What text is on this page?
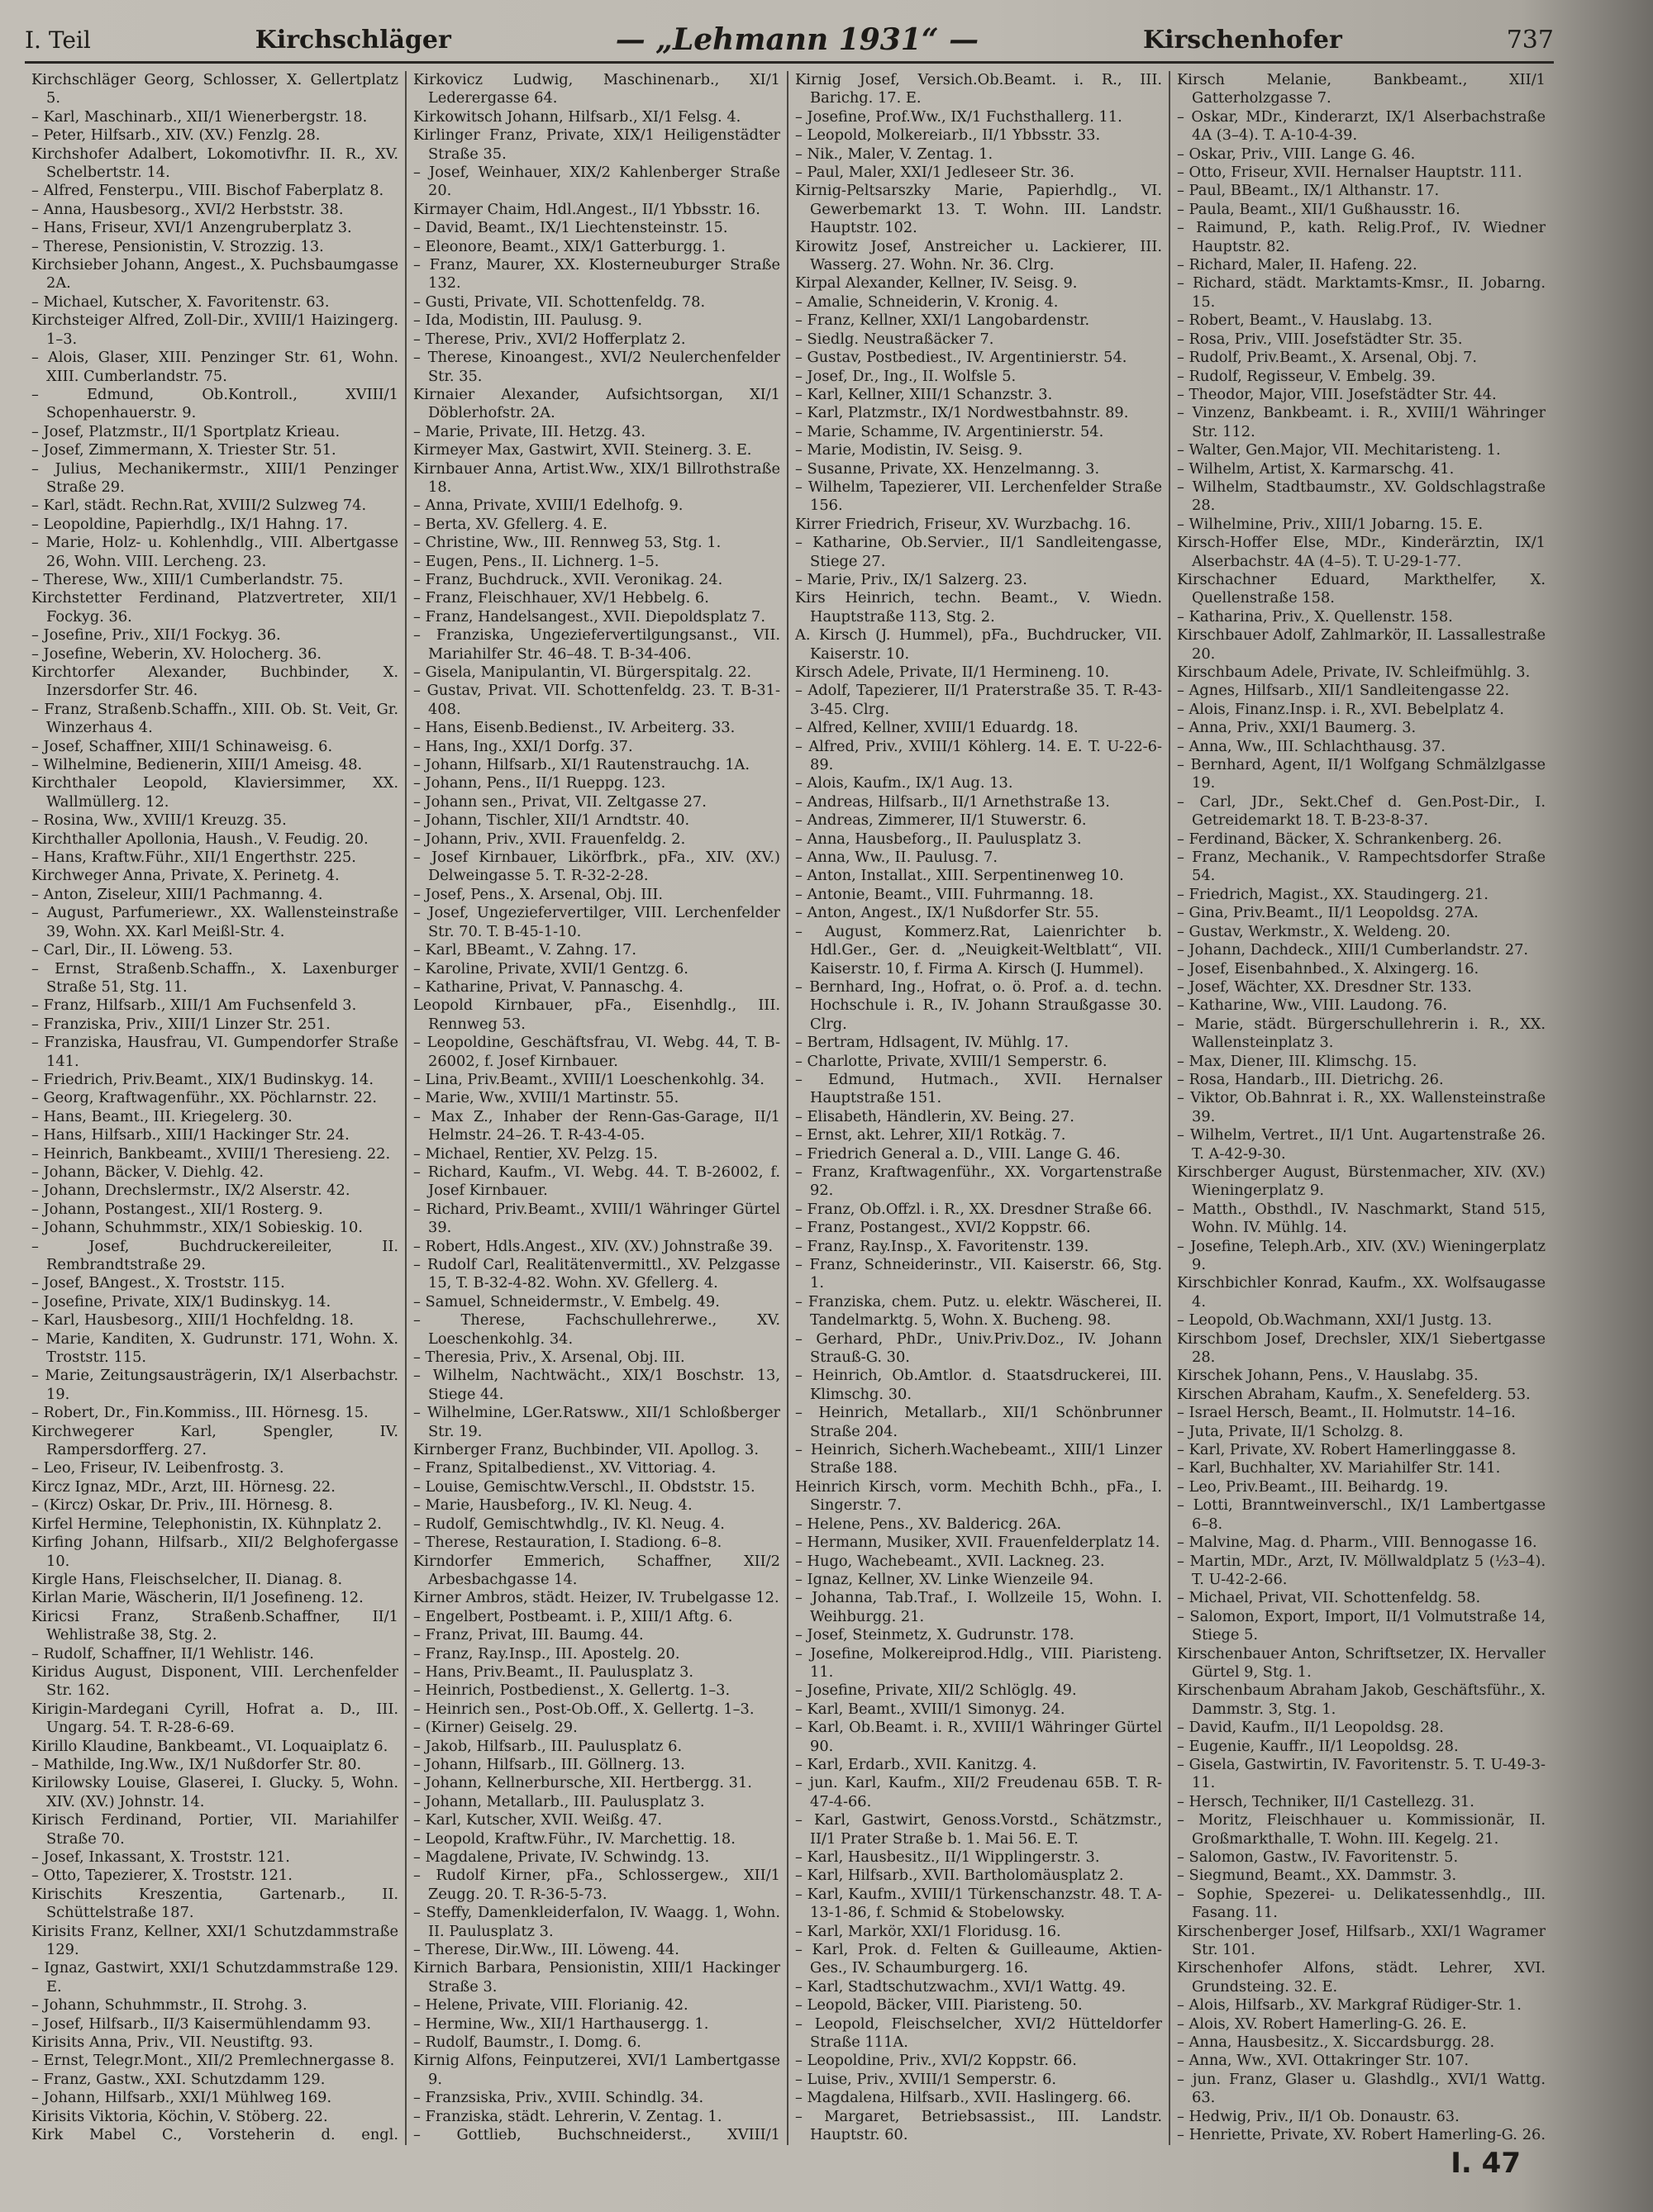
I. Teil	Kirchschläger	— „Lehmann 1931“ —	Kirschenhofer	737

Kirchschläger Georg, Schlosser, X. Gellertplatz 5.

– Karl, Maschinarb., XII/1 Wienerbergstr. 18.

– Peter, Hilfsarb., XIV. (XV.) Fenzlg. 28.

Kirchshofer Adalbert, Lokomotivfhr. II. R., XV. Schelbertstr. 14.

– Alfred, Fensterpu., VIII. Bischof Faberplatz 8.

– Anna, Hausbesorg., XVI/2 Herbststr. 38.

– Hans, Friseur, XVI/1 Anzengruberplatz 3.

– Therese, Pensionistin, V. Strozzig. 13.

Kirchsieber Johann, Angest., X. Puchsbaumgasse 2A.

– Michael, Kutscher, X. Favoritenstr. 63.

Kirchsteiger Alfred, Zoll-Dir., XVIII/1 Haizingerg. 1–3.

– Alois, Glaser, XIII. Penzinger Str. 61, Wohn. XIII. Cumberlandstr. 75.

– Edmund, Ob.Kontroll., XVIII/1 Schopenhauerstr. 9.

– Josef, Platzmstr., II/1 Sportplatz Krieau.

– Josef, Zimmermann, X. Triester Str. 51.

– Julius, Mechanikermstr., XIII/1 Penzinger Straße 29.

– Karl, städt. Rechn.Rat, XVIII/2 Sulzweg 74.

– Leopoldine, Papierhdlg., IX/1 Hahng. 17.

– Marie, Holz- u. Kohlenhdlg., VIII. Albertgasse 26, Wohn. VIII. Lercheng. 23.

– Therese, Ww., XIII/1 Cumberlandstr. 75.

Kirchstetter Ferdinand, Platzvertreter, XII/1 Fockyg. 36.

– Josefine, Priv., XII/1 Fockyg. 36.

– Josefine, Weberin, XV. Holocherg. 36.

Kirchtorfer Alexander, Buchbinder, X. Inzersdorfer Str. 46.

– Franz, Straßenb.Schaffn., XIII. Ob. St. Veit, Gr. Winzerhaus 4.

– Josef, Schaffner, XIII/1 Schinaweisg. 6.

– Wilhelmine, Bedienerin, XIII/1 Ameisg. 48.

Kirchthaler Leopold, Klaviersimmer, XX. Wallmüllerg. 12.

– Rosina, Ww., XVIII/1 Kreuzg. 35.

Kirchthaller Apollonia, Haush., V. Feudig. 20.

– Hans, Kraftw.Führ., XII/1 Engerthstr. 225.

Kirchweger Anna, Private, X. Perinetg. 4.

– Anton, Ziseleur, XIII/1 Pachmanng. 4.

– August, Parfumeriewr., XX. Wallensteinstraße 39, Wohn. XX. Karl Meißl-Str. 4.

– Carl, Dir., II. Löweng. 53.

– Ernst, Straßenb.Schaffn., X. Laxenburger Straße 51, Stg. 11.

– Franz, Hilfsarb., XIII/1 Am Fuchsenfeld 3.

– Franziska, Priv., XIII/1 Linzer Str. 251.

– Franziska, Hausfrau, VI. Gumpendorfer Straße 141.

– Friedrich, Priv.Beamt., XIX/1 Budinskyg. 14.

– Georg, Kraftwagenführ., XX. Pöchlarnstr. 22.

– Hans, Beamt., III. Kriegelerg. 30.

– Hans, Hilfsarb., XIII/1 Hackinger Str. 24.

– Heinrich, Bankbeamt., XVIII/1 Theresieng. 22.

– Johann, Bäcker, V. Diehlg. 42.

– Johann, Drechslermstr., IX/2 Alserstr. 42.

– Johann, Postangest., XII/1 Rosterg. 9.

– Johann, Schuhmmstr., XIX/1 Sobieskig. 10.

– Josef, Buchdruckereileiter, II. Rembrandtstraße 29.

– Josef, BAngest., X. Troststr. 115.

– Josefine, Private, XIX/1 Budinskyg. 14.

– Karl, Hausbesorg., XIII/1 Hochfeldng. 18.

– Marie, Kanditen, X. Gudrunstr. 171, Wohn. X. Troststr. 115.

– Marie, Zeitungsausträgerin, IX/1 Alserbachstr. 19.

– Robert, Dr., Fin.Kommiss., III. Hörnesg. 15.

Kirchwegerer Karl, Spengler, IV. Rampersdorfferg. 27.

– Leo, Friseur, IV. Leibenfrostg. 3.

Kircz Ignaz, MDr., Arzt, III. Hörnesg. 22.

– (Kircz) Oskar, Dr. Priv., III. Hörnesg. 8.

Kirfel Hermine, Telephonistin, IX. Kühnplatz 2.

Kirfing Johann, Hilfsarb., XII/2 Belghofergasse 10.

Kirgle Hans, Fleischselcher, II. Dianag. 8.

Kirlan Marie, Wäscherin, II/1 Josefineng. 12.

Kiricsi Franz, Straßenb.Schaffner, II/1 Wehlistraße 38, Stg. 2.

– Rudolf, Schaffner, II/1 Wehlistr. 146.

Kiridus August, Disponent, VIII. Lerchenfelder Str. 162.

Kirigin-Mardegani Cyrill, Hofrat a. D., III. Ungarg. 54. T. R-28-6-69.

Kirillo Klaudine, Bankbeamt., VI. Loquaiplatz 6.

– Mathilde, Ing.Ww., IX/1 Nußdorfer Str. 80.

Kirilowsky Louise, Glaserei, I. Glucky. 5, Wohn. XIV. (XV.) Johnstr. 14.

Kirisch Ferdinand, Portier, VII. Mariahilfer Straße 70.

– Josef, Inkassant, X. Troststr. 121.

– Otto, Tapezierer, X. Troststr. 121.

Kirischits Kreszentia, Gartenarb., II. Schüttelstraße 187.

Kirisits Franz, Kellner, XXI/1 Schutzdammstraße 129.

– Ignaz, Gastwirt, XXI/1 Schutzdammstraße 129. E.

– Johann, Schuhmmstr., II. Strohg. 3.

– Josef, Hilfsarb., II/3 Kaisermühlendamm 93.

Kirisits Anna, Priv., VII. Neustiftg. 93.

– Ernst, Telegr.Mont., XII/2 Premlechnergasse 8.

– Franz, Gastw., XXI. Schutzdamm 129.

– Johann, Hilfsarb., XXI/1 Mühlweg 169.

Kirisits Viktoria, Köchin, V. Stöberg. 22.

Kirk Mabel C., Vorsteherin d. engl.

Kirkovicz Ludwig, Maschinenarb., XI/1 Lederergasse 64.

Kirkowitsch Johann, Hilfsarb., XI/1 Felsg. 4.

Kirlinger Franz, Private, XIX/1 Heiligenstädter Straße 35.

– Josef, Weinhauer, XIX/2 Kahlenberger Straße 20.

Kirmayer Chaim, Hdl.Angest., II/1 Ybbsstr. 16.

– David, Beamt., IX/1 Liechtensteinstr. 15.

– Eleonore, Beamt., XIX/1 Gatterburgg. 1.

– Franz, Maurer, XX. Klosterneuburger Straße 132.

– Gusti, Private, VII. Schottenfeldg. 78.

– Ida, Modistin, III. Paulusg. 9.

– Therese, Priv., XVI/2 Hofferplatz 2.

– Therese, Kinoangest., XVI/2 Neulerchenfelder Str. 35.

Kirnaier Alexander, Aufsichtsorgan, XI/1 Döblerhofstr. 2A.

– Marie, Private, III. Hetzg. 43.

Kirmeyer Max, Gastwirt, XVII. Steinerg. 3. E.

Kirnbauer Anna, Artist.Ww., XIX/1 Billrothstraße 18.

– Anna, Private, XVIII/1 Edelhofg. 9.

– Berta, XV. Gfellerg. 4. E.

– Christine, Ww., III. Rennweg 53, Stg. 1.

– Eugen, Pens., II. Lichnerg. 1–5.

– Franz, Buchdruck., XVII. Veronikag. 24.

– Franz, Fleischhauer, XV/1 Hebbelg. 6.

– Franz, Handelsangest., XVII. Diepoldsplatz 7.

– Franziska, Ungeziefervertilgungsanst., VII. Mariahilfer Str. 46–48. T. B-34-406.

– Gisela, Manipulantin, VI. Bürgerspitalg. 22.

– Gustav, Privat. VII. Schottenfeldg. 23. T. B-31-408.

– Hans, Eisenb.Bedienst., IV. Arbeiterg. 33.

– Hans, Ing., XXI/1 Dorfg. 37.

– Johann, Hilfsarb., XI/1 Rautenstrauchg. 1A.

– Johann, Pens., II/1 Rueppg. 123.

– Johann sen., Privat, VII. Zeltgasse 27.

– Johann, Tischler, XII/1 Arndtstr. 40.

– Johann, Priv., XVII. Frauenfeldg. 2.

– Josef Kirnbauer, Likörfbrk., pFa., XIV. (XV.) Delweingasse 5. T. R-32-2-28.

– Josef, Pens., X. Arsenal, Obj. III.

– Josef, Ungeziefervertilger, VIII. Lerchenfelder Str. 70. T. B-45-1-10.

– Karl, BBeamt., V. Zahng. 17.

– Karoline, Private, XVII/1 Gentzg. 6.

– Katharine, Privat, V. Pannaschg. 4.

Leopold Kirnbauer, pFa., Eisenhdlg., III. Rennweg 53.

– Leopoldine, Geschäftsfrau, VI. Webg. 44, T. B-26002, f. Josef Kirnbauer.

– Lina, Priv.Beamt., XVIII/1 Loeschenkohlg. 34.

– Marie, Ww., XVIII/1 Martinstr. 55.

– Max Z., Inhaber der Renn-Gas-Garage, II/1 Helmstr. 24–26. T. R-43-4-05.

– Michael, Rentier, XV. Pelzg. 15.

– Richard, Kaufm., VI. Webg. 44. T. B-26002, f. Josef Kirnbauer.

– Richard, Priv.Beamt., XVIII/1 Währinger Gürtel 39.

– Robert, Hdls.Angest., XIV. (XV.) Johnstraße 39.

– Rudolf Carl, Realitätenvermittl., XV. Pelzgasse 15, T. B-32-4-82. Wohn. XV. Gfellerg. 4.

– Samuel, Schneidermstr., V. Embelg. 49.

– Therese, Fachschullehrerwe., XV. Loeschenkohlg. 34.

– Theresia, Priv., X. Arsenal, Obj. III.

– Wilhelm, Nachtwächt., XIX/1 Boschstr. 13, Stiege 44.

– Wilhelmine, LGer.Ratsww., XII/1 Schloßberger Str. 19.

Kirnberger Franz, Buchbinder, VII. Apollog. 3.

– Franz, Spitalbedienst., XV. Vittoriag. 4.

– Louise, Gemischtw.Verschl., II. Obdststr. 15.

– Marie, Hausbeforg., IV. Kl. Neug. 4.

– Rudolf, Gemischtwhdlg., IV. Kl. Neug. 4.

– Therese, Restauration, I. Stadiong. 6–8.

Kirndorfer Emmerich, Schaffner, XII/2 Arbesbachgasse 14.

Kirner Ambros, städt. Heizer, IV. Trubelgasse 12.

– Engelbert, Postbeamt. i. P., XIII/1 Aftg. 6.

– Franz, Privat, III. Baumg. 44.

– Franz, Ray.Insp., III. Apostelg. 20.

– Hans, Priv.Beamt., II. Paulusplatz 3.

– Heinrich, Postbedienst., X. Gellertg. 1–3.

– Heinrich sen., Post-Ob.Off., X. Gellertg. 1–3.

– (Kirner) Geiselg. 29.

– Jakob, Hilfsarb., III. Paulusplatz 6.

– Johann, Hilfsarb., III. Göllnerg. 13.

– Johann, Kellnerbursche, XII. Hertbergg. 31.

– Johann, Metallarb., III. Paulusplatz 3.

– Karl, Kutscher, XVII. Weißg. 47.

– Leopold, Kraftw.Führ., IV. Marchettig. 18.

– Magdalene, Private, IV. Schwindg. 13.

– Rudolf Kirner, pFa., Schlossergew., XII/1 Zeugg. 20. T. R-36-5-73.

– Steffy, Damenkleiderfalon, IV. Waagg. 1, Wohn. II. Paulusplatz 3.

– Therese, Dir.Ww., III. Löweng. 44.

Kirnich Barbara, Pensionistin, XIII/1 Hackinger Straße 3.

– Helene, Private, VIII. Florianig. 42.

– Hermine, Ww., XII/1 Harthausergg. 1.

– Rudolf, Baumstr., I. Domg. 6.

Kirnig Alfons, Feinputzerei, XVI/1 Lambertgasse 9.

– Franzsiska, Priv., XVIII. Schindlg. 34.

– Franziska, städt. Lehrerin, V. Zentag. 1.

– Gottlieb, Buchschneiderst., XVIII/1

Kirnig Josef, Versich.Ob.Beamt. i. R., III. Barichg. 17. E.

– Josefine, Prof.Ww., IX/1 Fuchsthallerg. 11.

– Leopold, Molkereiarb., II/1 Ybbsstr. 33.

– Nik., Maler, V. Zentag. 1.

– Paul, Maler, XXI/1 Jedleseer Str. 36.

Kirnig-Peltsarszky Marie, Papierhdlg., VI. Gewerbemarkt 13. T. Wohn. III. Landstr. Hauptstr. 102.

Kirowitz Josef, Anstreicher u. Lackierer, III. Wasserg. 27. Wohn. Nr. 36. Clrg.

Kirpal Alexander, Kellner, IV. Seisg. 9.

– Amalie, Schneiderin, V. Kronig. 4.

– Franz, Kellner, XXI/1 Langobardenstr.

– Siedlg. Neustraßäcker 7.

– Gustav, Postbediest., IV. Argentinierstr. 54.

– Josef, Dr., Ing., II. Wolfsle 5.

– Karl, Kellner, XIII/1 Schanzstr. 3.

– Karl, Platzmstr., IX/1 Nordwestbahnstr. 89.

– Marie, Schamme, IV. Argentinierstr. 54.

– Marie, Modistin, IV. Seisg. 9.

– Susanne, Private, XX. Henzelmanng. 3.

– Wilhelm, Tapezierer, VII. Lerchenfelder Straße 156.

Kirrer Friedrich, Friseur, XV. Wurzbachg. 16.

– Katharine, Ob.Servier., II/1 Sandleitengasse, Stiege 27.

– Marie, Priv., IX/1 Salzerg. 23.

Kirs Heinrich, techn. Beamt., V. Wiedn. Hauptstraße 113, Stg. 2.

A. Kirsch (J. Hummel), pFa., Buchdrucker, VII. Kaiserstr. 10.

Kirsch Adele, Private, II/1 Hermineng. 10.

– Adolf, Tapezierer, II/1 Praterstraße 35. T. R-43-3-45. Clrg.

– Alfred, Kellner, XVIII/1 Eduardg. 18.

– Alfred, Priv., XVIII/1 Köhlerg. 14. E. T. U-22-6-89.

– Alois, Kaufm., IX/1 Aug. 13.

– Andreas, Hilfsarb., II/1 Arnethstraße 13.

– Andreas, Zimmerer, II/1 Stuwerstr. 6.

– Anna, Hausbeforg., II. Paulusplatz 3.

– Anna, Ww., II. Paulusg. 7.

– Anton, Installat., XIII. Serpentinenweg 10.

– Antonie, Beamt., VIII. Fuhrmanng. 18.

– Anton, Angest., IX/1 Nußdorfer Str. 55.

– August, Kommerz.Rat, Laienrichter b. Hdl.Ger., Ger. d. „Neuigkeit-Weltblatt“, VII. Kaiserstr. 10, f. Firma A. Kirsch (J. Hummel).

– Bernhard, Ing., Hofrat, o. ö. Prof. a. d. techn. Hochschule i. R., IV. Johann Straußgasse 30. Clrg.

– Bertram, Hdlsagent, IV. Mühlg. 17.

– Charlotte, Private, XVIII/1 Semperstr. 6.

– Edmund, Hutmach., XVII. Hernalser Hauptstraße 151.

– Elisabeth, Händlerin, XV. Being. 27.

– Ernst, akt. Lehrer, XII/1 Rotkäg. 7.

– Friedrich General a. D., VIII. Lange G. 46.

– Franz, Kraftwagenführ., XX. Vorgartenstraße 92.

– Franz, Ob.Offzl. i. R., XX. Dresdner Straße 66.

– Franz, Postangest., XVI/2 Koppstr. 66.

– Franz, Ray.Insp., X. Favoritenstr. 139.

– Franz, Schneiderinstr., VII. Kaiserstr. 66, Stg. 1.

– Franziska, chem. Putz. u. elektr. Wäscherei, II. Tandelmarktg. 5, Wohn. X. Bucheng. 98.

– Gerhard, PhDr., Univ.Priv.Doz., IV. Johann Strauß-G. 30.

– Heinrich, Ob.Amtlor. d. Staatsdruckerei, III. Klimschg. 30.

– Heinrich, Metallarb., XII/1 Schönbrunner Straße 204.

– Heinrich, Sicherh.Wachebeamt., XIII/1 Linzer Straße 188.

Heinrich Kirsch, vorm. Mechith Bchh., pFa., I. Singerstr. 7.

– Helene, Pens., XV. Baldericg. 26A.

– Hermann, Musiker, XVII. Frauenfelderplatz 14.

– Hugo, Wachebeamt., XVII. Lackneg. 23.

– Ignaz, Kellner, XV. Linke Wienzeile 94.

– Johanna, Tab.Traf., I. Wollzeile 15, Wohn. I. Weihburgg. 21.

– Josef, Steinmetz, X. Gudrunstr. 178.

– Josefine, Molkereiprod.Hdlg., VIII. Piaristeng. 11.

– Josefine, Private, XII/2 Schlöglg. 49.

– Karl, Beamt., XVIII/1 Simonyg. 24.

– Karl, Ob.Beamt. i. R., XVIII/1 Währinger Gürtel 90.

– Karl, Erdarb., XVII. Kanitzg. 4.

– jun. Karl, Kaufm., XII/2 Freudenau 65B. T. R-47-4-66.

– Karl, Gastwirt, Genoss.Vorstd., Schätzmstr., II/1 Prater Straße b. 1. Mai 56. E. T.

– Karl, Hausbesitz., II/1 Wipplingerstr. 3.

– Karl, Hilfsarb., XVII. Bartholomäusplatz 2.

– Karl, Kaufm., XVIII/1 Türkenschanzstr. 48. T. A-13-1-86, f. Schmid & Stobelowsky.

– Karl, Markör, XXI/1 Floridusg. 16.

– Karl, Prok. d. Felten & Guilleaume, Aktien-Ges., IV. Schaumburgerg. 16.

– Karl, Stadtschutzwachm., XVI/1 Wattg. 49.

– Leopold, Bäcker, VIII. Piaristeng. 50.

– Leopold, Fleischselcher, XVI/2 Hütteldorfer Straße 111A.

– Leopoldine, Priv., XVI/2 Koppstr. 66.

– Luise, Priv., XVIII/1 Semperstr. 6.

– Magdalena, Hilfsarb., XVII. Haslingerg. 66.

– Margaret, Betriebsassist., III. Landstr. Hauptstr. 60.

Kirsch Melanie, Bankbeamt., XII/1 Gatterholzgasse 7.

– Oskar, MDr., Kinderarzt, IX/1 Alserbachstraße 4A (3–4). T. A-10-4-39.

– Oskar, Priv., VIII. Lange G. 46.

– Otto, Friseur, XVII. Hernalser Hauptstr. 111.

– Paul, BBeamt., IX/1 Althanstr. 17.

– Paula, Beamt., XII/1 Gußhausstr. 16.

– Raimund, P., kath. Relig.Prof., IV. Wiedner Hauptstr. 82.

– Richard, Maler, II. Hafeng. 22.

– Richard, städt. Marktamts-Kmsr., II. Jobarng. 15.

– Robert, Beamt., V. Hauslabg. 13.

– Rosa, Priv., VIII. Josefstädter Str. 35.

– Rudolf, Priv.Beamt., X. Arsenal, Obj. 7.

– Rudolf, Regisseur, V. Embelg. 39.

– Theodor, Major, VIII. Josefstädter Str. 44.

– Vinzenz, Bankbeamt. i. R., XVIII/1 Währinger Str. 112.

– Walter, Gen.Major, VII. Mechitaristeng. 1.

– Wilhelm, Artist, X. Karmarschg. 41.

– Wilhelm, Stadtbaumstr., XV. Goldschlagstraße 28.

– Wilhelmine, Priv., XIII/1 Jobarng. 15. E.

Kirsch-Hoffer Else, MDr., Kinderärztin, IX/1 Alserbachstr. 4A (4–5). T. U-29-1-77.

Kirschachner Eduard, Markthelfer, X. Quellenstraße 158.

– Katharina, Priv., X. Quellenstr. 158.

Kirschbauer Adolf, Zahlmarkör, II. Lassallestraße 20.

Kirschbaum Adele, Private, IV. Schleifmühlg. 3.

– Agnes, Hilfsarb., XII/1 Sandleitengasse 22.

– Alois, Finanz.Insp. i. R., XVI. Bebelplatz 4.

– Anna, Priv., XXI/1 Baumerg. 3.

– Anna, Ww., III. Schlachthausg. 37.

– Bernhard, Agent, II/1 Wolfgang Schmälzlgasse 19.

– Carl, JDr., Sekt.Chef d. Gen.Post-Dir., I. Getreidemarkt 18. T. B-23-8-37.

– Ferdinand, Bäcker, X. Schrankenberg. 26.

– Franz, Mechanik., V. Rampechtsdorfer Straße 54.

– Friedrich, Magist., XX. Staudingerg. 21.

– Gina, Priv.Beamt., II/1 Leopoldsg. 27A.

– Gustav, Werkmstr., X. Weldeng. 20.

– Johann, Dachdeck., XIII/1 Cumberlandstr. 27.

– Josef, Eisenbahnbed., X. Alxingerg. 16.

– Josef, Wächter, XX. Dresdner Str. 133.

– Katharine, Ww., VIII. Laudong. 76.

– Marie, städt. Bürgerschullehrerin i. R., XX. Wallensteinplatz 3.

– Max, Diener, III. Klimschg. 15.

– Rosa, Handarb., III. Dietrichg. 26.

– Viktor, Ob.Bahnrat i. R., XX. Wallensteinstraße 39.

– Wilhelm, Vertret., II/1 Unt. Augartenstraße 26. T. A-42-9-30.

Kirschberger August, Bürstenmacher, XIV. (XV.) Wieningerplatz 9.

– Matth., Obsthdl., IV. Naschmarkt, Stand 515, Wohn. IV. Mühlg. 14.

– Josefine, Teleph.Arb., XIV. (XV.) Wieningerplatz 9.

Kirschbichler Konrad, Kaufm., XX. Wolfsaugasse 4.

– Leopold, Ob.Wachmann, XXI/1 Justg. 13.

Kirschbom Josef, Drechsler, XIX/1 Siebertgasse 28.

Kirschek Johann, Pens., V. Hauslabg. 35.

Kirschen Abraham, Kaufm., X. Senefelderg. 53.

– Israel Hersch, Beamt., II. Holmutstr. 14–16.

– Juta, Private, II/1 Scholzg. 8.

– Karl, Private, XV. Robert Hamerlinggasse 8.

– Karl, Buchhalter, XV. Mariahilfer Str. 141.

– Leo, Priv.Beamt., III. Beihardg. 19.

– Lotti, Branntweinverschl., IX/1 Lambertgasse 6–8.

– Malvine, Mag. d. Pharm., VIII. Bennogasse 16.

– Martin, MDr., Arzt, IV. Möllwaldplatz 5 (½3–4). T. U-42-2-66.

– Michael, Privat, VII. Schottenfeldg. 58.

– Salomon, Export, Import, II/1 Volmutstraße 14, Stiege 5.

Kirschenbauer Anton, Schriftsetzer, IX. Hervaller Gürtel 9, Stg. 1.

Kirschenbaum Abraham Jakob, Geschäftsführ., X. Dammstr. 3, Stg. 1.

– David, Kaufm., II/1 Leopoldsg. 28.

– Eugenie, Kauffr., II/1 Leopoldsg. 28.

– Gisela, Gastwirtin, IV. Favoritenstr. 5. T. U-49-3-11.

– Hersch, Techniker, II/1 Castellezg. 31.

– Moritz, Fleischhauer u. Kommissionär, II. Großmarkthalle, T. Wohn. III. Kegelg. 21.

– Salomon, Gastw., IV. Favoritenstr. 5.

– Siegmund, Beamt., XX. Dammstr. 3.

– Sophie, Spezerei- u. Delikatessenhdlg., III. Fasang. 11.

Kirschenberger Josef, Hilfsarb., XXI/1 Wagramer Str. 101.

Kirschenhofer Alfons, städt. Lehrer, XVI. Grundsteing. 32. E.

– Alois, Hilfsarb., XV. Markgraf Rüdiger-Str. 1.

– Alois, XV. Robert Hamerling-G. 26. E.

– Anna, Hausbesitz., X. Siccardsburgg. 28.

– Anna, Ww., XVI. Ottakringer Str. 107.

– jun. Franz, Glaser u. Glashdlg., XVI/1 Wattg. 63.

– Hedwig, Priv., II/1 Ob. Donaustr. 63.

– Henriette, Private, XV. Robert Hamerling-G. 26.

I. 47
